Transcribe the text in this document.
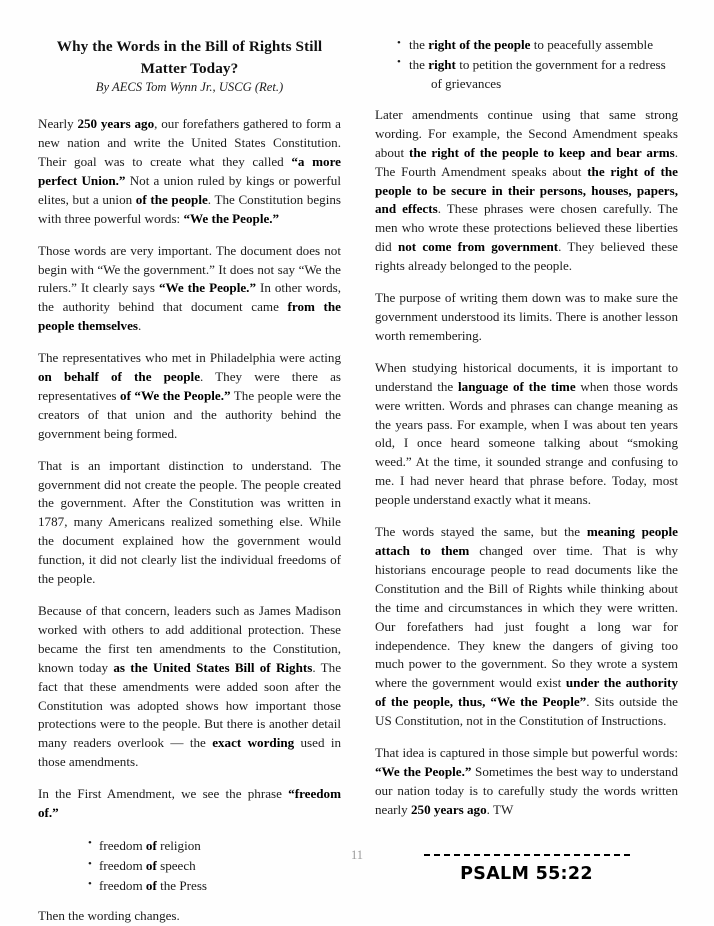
Why the Words in the Bill of Rights Still Matter Today?
By AECS Tom Wynn Jr., USCG (Ret.)

Nearly 250 years ago, our forefathers gathered to form a new nation and write the United States Constitution. Their goal was to create what they called “a more perfect Union.” Not a union ruled by kings or powerful elites, but a union of the people. The Constitution begins with three powerful words: “We the People.”

Those words are very important. The document does not begin with “We the government.” It does not say “We the rulers.” It clearly says “We the People.” In other words, the authority behind that document came from the people themselves.

The representatives who met in Philadelphia were acting on behalf of the people. They were there as representatives of “We the People.” The people were the creators of that union and the authority behind the government being formed.

That is an important distinction to understand. The government did not create the people. The people created the government. After the Constitution was written in 1787, many Americans realized something else. While the document explained how the government would function, it did not clearly list the individual freedoms of the people.

Because of that concern, leaders such as James Madison worked with others to add additional protection. These became the first ten amendments to the Constitution, known today as the United States Bill of Rights. The fact that these amendments were added soon after the Constitution was adopted shows how important those protections were to the people. But there is another detail many readers overlook — the exact wording used in those amendments.

In the First Amendment, we see the phrase “freedom of.”

• freedom of religion
• freedom of speech
• freedom of the Press

Then the wording changes.

• the right of the people to peacefully assemble
• the right to petition the government for a redress
of grievances

Later amendments continue using that same strong wording. For example, the Second Amendment speaks about the right of the people to keep and bear arms. The Fourth Amendment speaks about the right of the people to be secure in their persons, houses, papers, and effects. These phrases were chosen carefully. The men who wrote these protections believed these liberties did not come from government. They believed these rights already belonged to the people.

The purpose of writing them down was to make sure the government understood its limits. There is another lesson worth remembering.

When studying historical documents, it is important to understand the language of the time when those words were written. Words and phrases can change meaning as the years pass. For example, when I was about ten years old, I once heard someone talking about “smoking weed.” At the time, it sounded strange and confusing to me. I had never heard that phrase before. Today, most people understand exactly what it means.

The words stayed the same, but the meaning people attach to them changed over time. That is why historians encourage people to read documents like the Constitution and the Bill of Rights while thinking about the time and circumstances in which they were written. Our forefathers had just fought a long war for independence. They knew the dangers of giving too much power to the government. So they wrote a system where the government would exist under the authority of the people, thus, “We the People”. Sits outside the US Constitution, not in the Constitution of Instructions.

That idea is captured in those simple but powerful words: “We the People.” Sometimes the best way to understand our nation today is to carefully study the words written nearly 250 years ago. TW

PSALM 55:22
11
